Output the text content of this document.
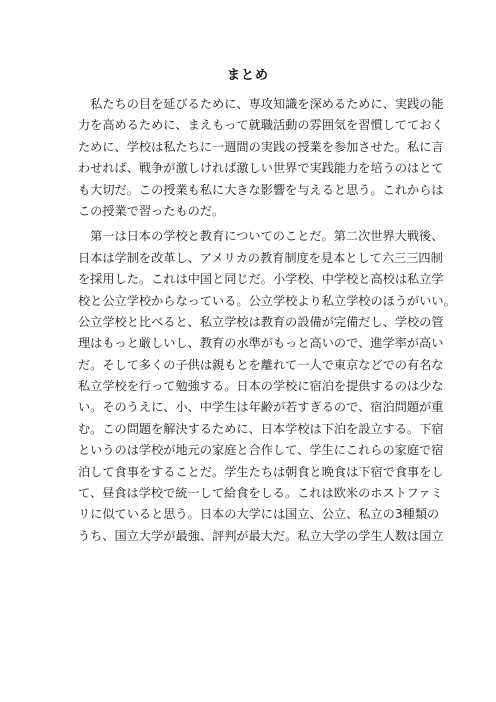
まとめ
　私たちの目を延びるために、専攻知識を深めるために、実践の能
力を高めるために、まえもって就職活動の雰囲気を習慣してておく
ために、学校は私たちに一週間の実践の授業を参加させた。私に言
わせれば、戦争が激しければ激しい世界で実践能力を培うのはとて
も大切だ。この授業も私に大きな影響を与えると思う。これからは
この授業で習ったものだ。
　第一は日本の学校と教育についてのことだ。第二次世界大戦後、
日本は学制を改革し、アメリカの教育制度を見本として六三三四制
を採用した。これは中国と同じだ。小学校、中学校と高校は私立学
校と公立学校からなっている。公立学校より私立学校のほうがいい。
公立学校と比べると、私立学校は教育の設備が完備だし、学校の管
理はもっと厳しいし、教育の水準がもっと高いので、進学率が高い
だ。そして多くの子供は親もとを離れて一人で東京などでの有名な
私立学校を行って勉強する。日本の学校に宿泊を提供するのは少な
い。そのうえに、小、中学生は年齢が若すぎるので、宿泊問題が重
む。この問題を解決するために、日本学校は下泊を設立する。下宿
というのは学校が地元の家庭と合作して、学生にこれらの家庭で宿
泊して食事をすることだ。学生たちは朝食と晩食は下宿で食事をし
て、昼食は学校で統一して給食をしる。これは欧米のホストファミ
リに似ていると思う。日本の大学には国立、公立、私立の3種類の
うち、国立大学が最強、評判が最大だ。私立大学の学生人数は国立
